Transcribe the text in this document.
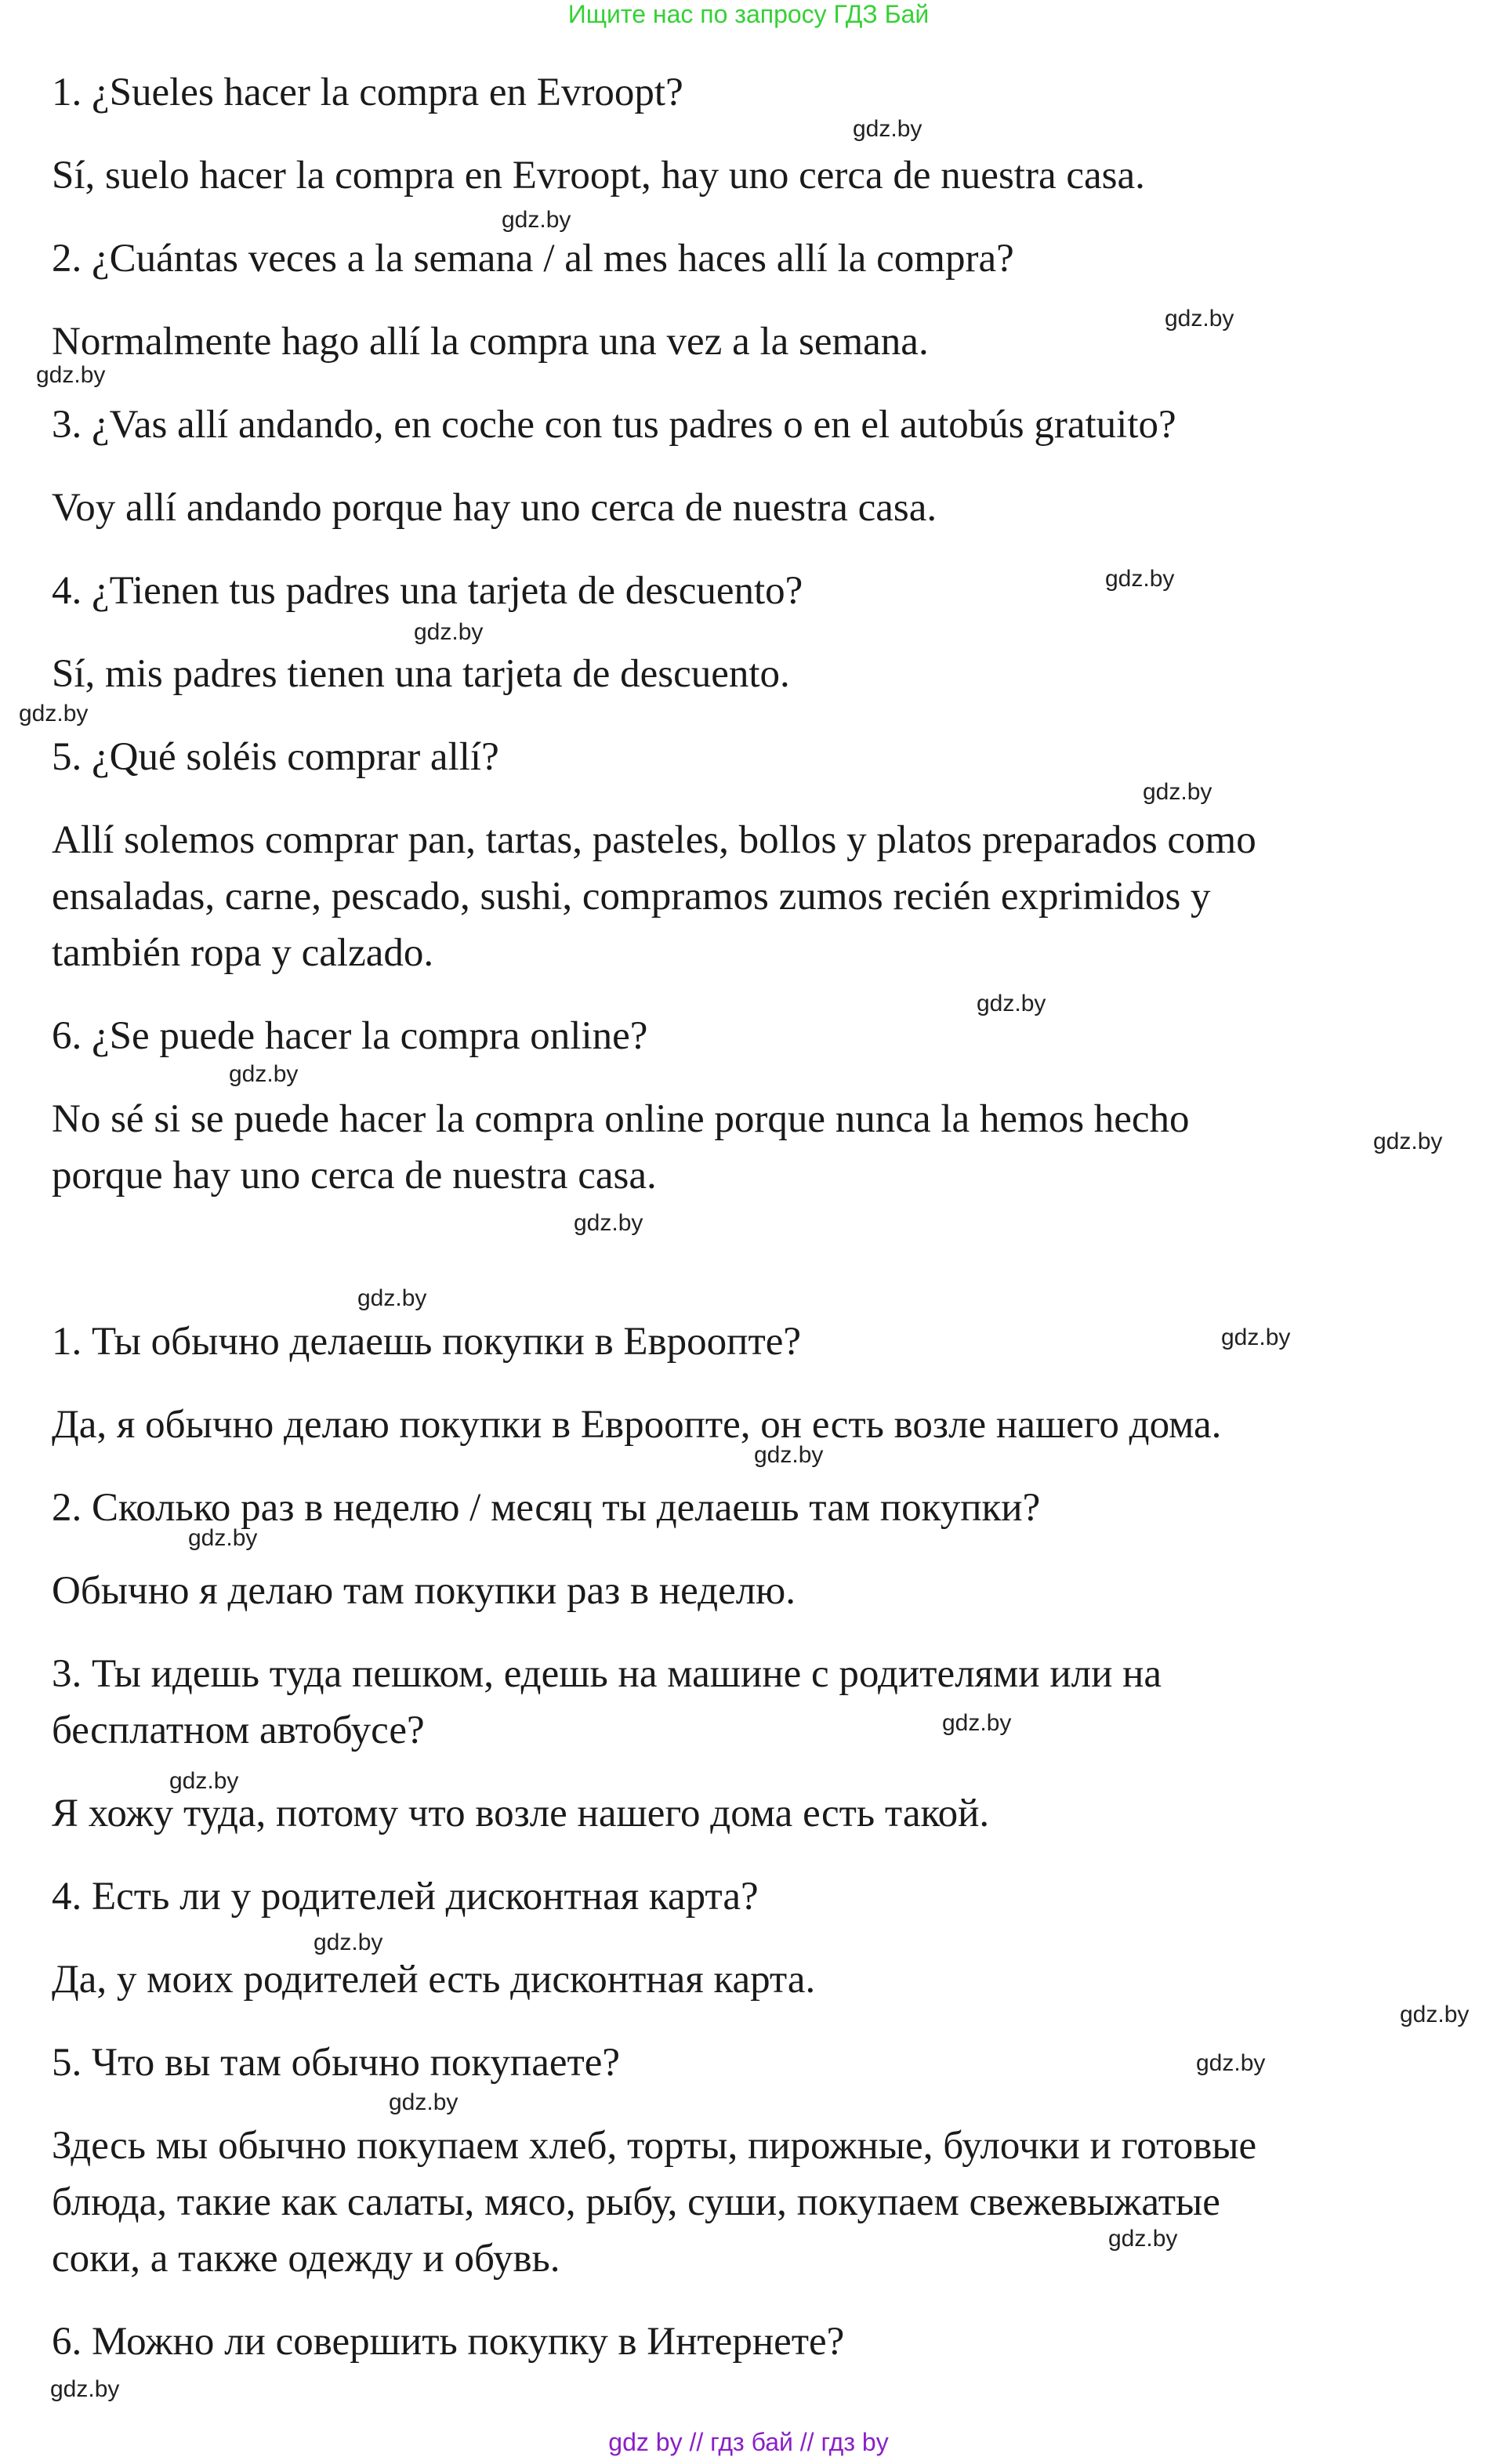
Ищите нас по запросу ГДЗ Бай

1. ¿Sueles hacer la compra en Evroopt?

Sí, suelo hacer la compra en Evroopt, hay uno cerca de nuestra casa.

2. ¿Cuántas veces a la semana / al mes haces allí la compra?

Normalmente hago allí la compra una vez a la semana.

3. ¿Vas allí andando, en coche con tus padres o en el autobús gratuito?

Voy allí andando porque hay uno cerca de nuestra casa.

4. ¿Tienen tus padres una tarjeta de descuento?

Sí, mis padres tienen una tarjeta de descuento.

5. ¿Qué soléis comprar allí?

Allí solemos comprar pan, tartas, pasteles, bollos y platos preparados como

ensaladas, carne, pescado, sushi, compramos zumos recién exprimidos y

también ropa y calzado.

6. ¿Se puede hacer la compra online?

No sé si se puede hacer la compra online porque nunca la hemos hecho

porque hay uno cerca de nuestra casa.

1. Ты обычно делаешь покупки в Евроопте?

Да, я обычно делаю покупки в Евроопте, он есть возле нашего дома.

2. Сколько раз в неделю / месяц ты делаешь там покупки?

Обычно я делаю там покупки раз в неделю.

3. Ты идешь туда пешком, едешь на машине с родителями или на

бесплатном автобусе?

Я хожу туда, потому что возле нашего дома есть такой.

4. Есть ли у родителей дисконтная карта?

Да, у моих родителей есть дисконтная карта.

5. Что вы там обычно покупаете?

Здесь мы обычно покупаем хлеб, торты, пирожные, булочки и готовые

блюда, такие как салаты, мясо, рыбу, суши, покупаем свежевыжатые

соки, а также одежду и обувь.

6. Можно ли совершить покупку в Интернете?

gdz.by
gdz.by
gdz.by
gdz.by
gdz.by
gdz.by
gdz.by
gdz.by
gdz.by
gdz.by
gdz.by
gdz.by
gdz.by
gdz.by
gdz.by
gdz.by
gdz.by
gdz.by
gdz.by
gdz.by
gdz.by
gdz.by
gdz.by
gdz.by
gdz by // гдз бай // гдз by
